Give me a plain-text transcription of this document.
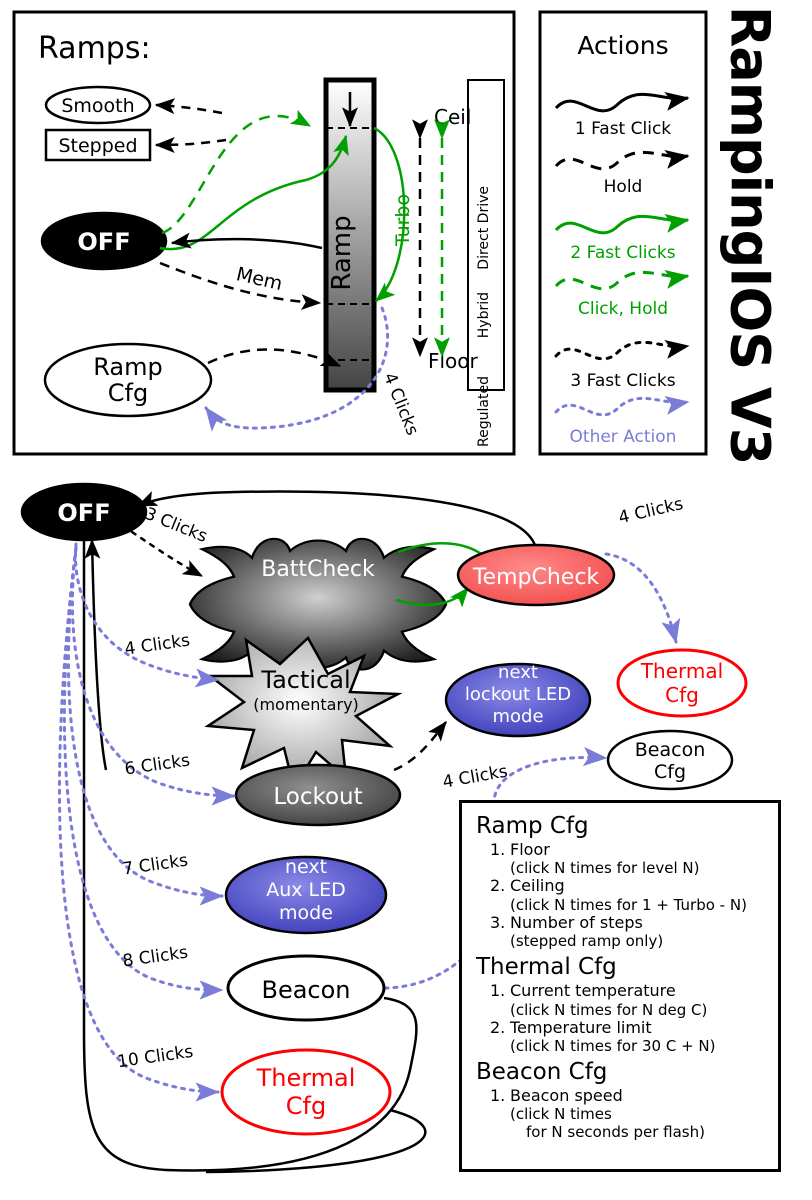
RampingIOS V3
Ramps:
Smooth
Stepped
OFF
Ramp
Cfg
Ramp Turbo
Mem
Ceil
Floor
Regulated
Hybrid
Direct Drive
4 Clicks
Actions
1 Fast Click
Hold
2 Fast Clicks
Click, Hold
3 Fast Clicks
Other Action
OFF
BattCheck
3 Clicks
TempCheck
4 Clicks
Thermal
Cfg
Tactical
(momentary)
4 Clicks
next
lockout LED
mode
Beacon
Cfg
4 Clicks
Lockout
6 Clicks
next
Aux LED
mode
7 Clicks
Beacon
8 Clicks
Thermal
Cfg
10 Clicks
Ramp Cfg
1. Floor
(click N times for level N)
2. Ceiling
(click N times for 1 + Turbo - N)
3. Number of steps
(stepped ramp only)
Thermal Cfg
1. Current temperature
(click N times for N deg C)
2. Temperature limit
(click N times for 30 C + N)
Beacon Cfg
1. Beacon speed
(click N times
for N seconds per flash)
